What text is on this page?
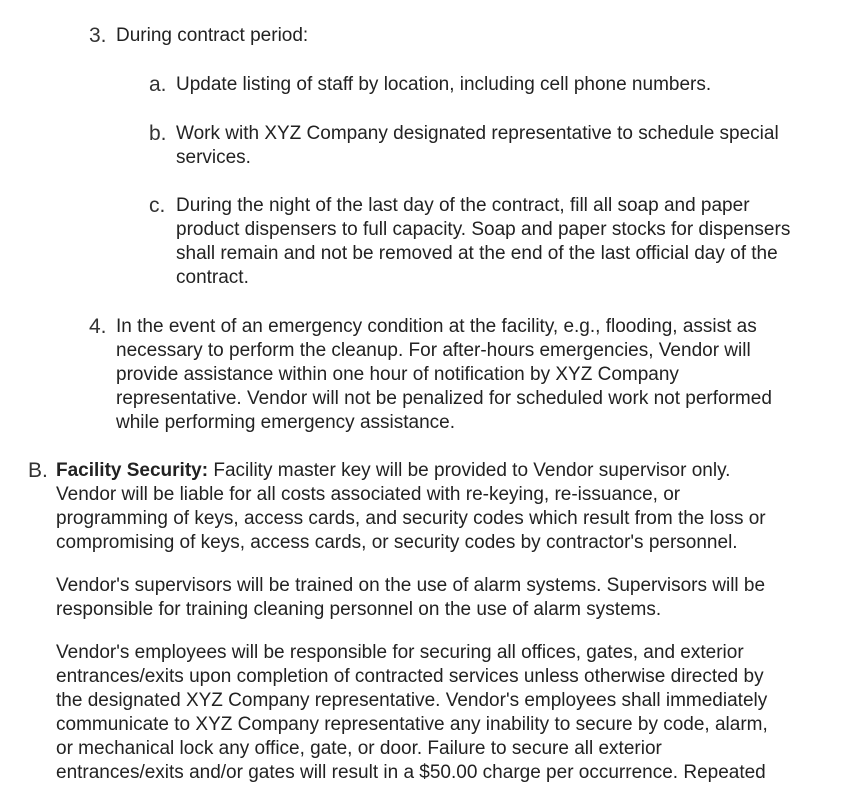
3. During contract period:
a. Update listing of staff by location, including cell phone numbers.
b. Work with XYZ Company designated representative to schedule special
services.
c. During the night of the last day of the contract, fill all soap and paper
product dispensers to full capacity. Soap and paper stocks for dispensers
shall remain and not be removed at the end of the last official day of the
contract.
4. In the event of an emergency condition at the facility, e.g., flooding, assist as
necessary to perform the cleanup. For after-hours emergencies, Vendor will
provide assistance within one hour of notification by XYZ Company
representative. Vendor will not be penalized for scheduled work not performed
while performing emergency assistance.
B. Facility Security: Facility master key will be provided to Vendor supervisor only.
Vendor will be liable for all costs associated with re-keying, re-issuance, or
programming of keys, access cards, and security codes which result from the loss or
compromising of keys, access cards, or security codes by contractor's personnel.
Vendor's supervisors will be trained on the use of alarm systems. Supervisors will be
responsible for training cleaning personnel on the use of alarm systems.
Vendor's employees will be responsible for securing all offices, gates, and exterior
entrances/exits upon completion of contracted services unless otherwise directed by
the designated XYZ Company representative. Vendor's employees shall immediately
communicate to XYZ Company representative any inability to secure by code, alarm,
or mechanical lock any office, gate, or door. Failure to secure all exterior
entrances/exits and/or gates will result in a $50.00 charge per occurrence. Repeated
